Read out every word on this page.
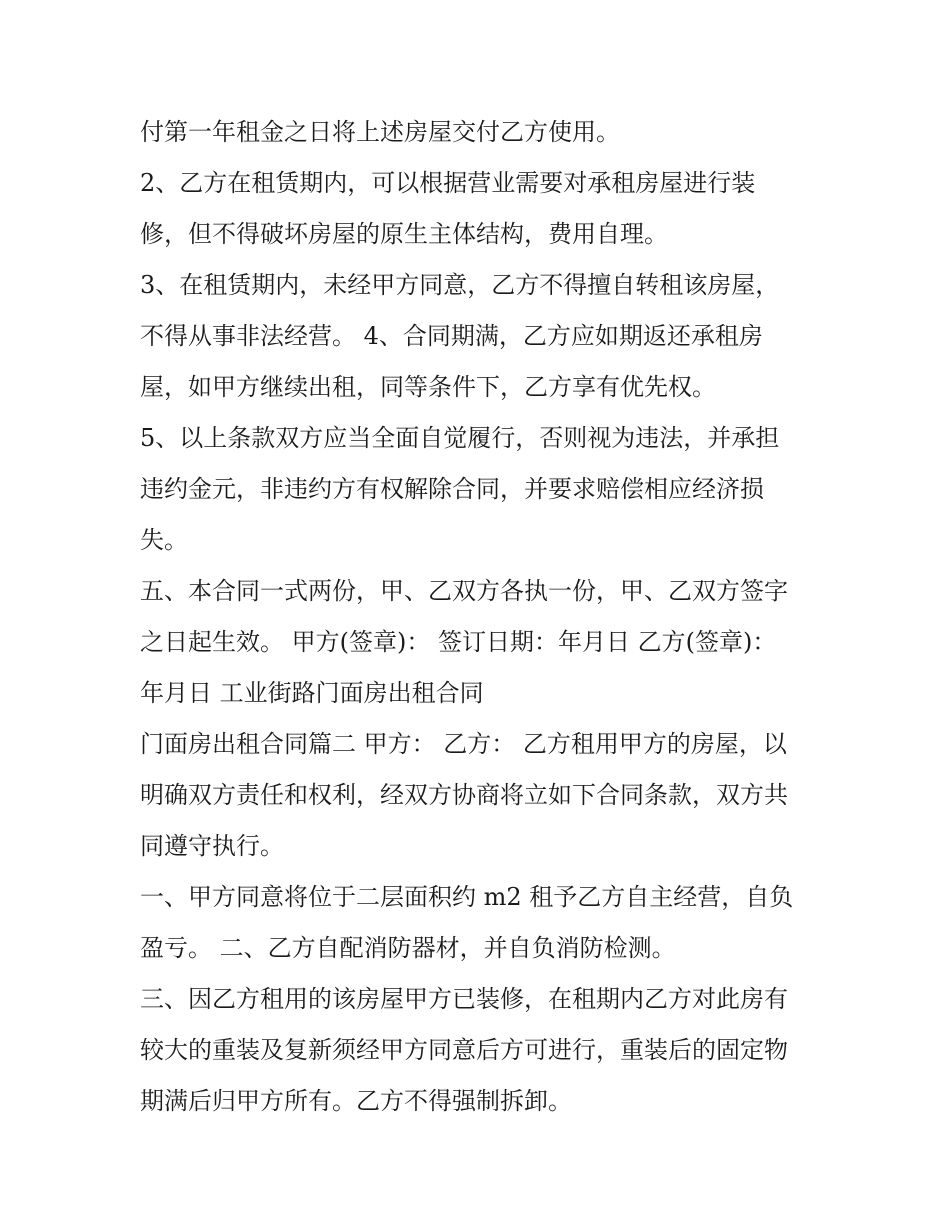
付第一年租金之日将上述房屋交付乙方使用。
2、乙方在租赁期内，可以根据营业需要对承租房屋进行装
修，但不得破坏房屋的原生主体结构，费用自理。
3、在租赁期内，未经甲方同意，乙方不得擅自转租该房屋，
不得从事非法经营。 4、合同期满，乙方应如期返还承租房
屋，如甲方继续出租，同等条件下，乙方享有优先权。
5、以上条款双方应当全面自觉履行，否则视为违法，并承担
违约金元，非违约方有权解除合同，并要求赔偿相应经济损
失。
五、本合同一式两份，甲、乙双方各执一份，甲、乙双方签字
之日起生效。 甲方(签章)： 签订日期：年月日 乙方(签章)：
年月日 工业街路门面房出租合同
门面房出租合同篇二 甲方： 乙方： 乙方租用甲方的房屋，以
明确双方责任和权利，经双方协商将立如下合同条款，双方共
同遵守执行。
一、甲方同意将位于二层面积约 m2 租予乙方自主经营，自负
盈亏。 二、乙方自配消防器材，并自负消防检测。
三、因乙方租用的该房屋甲方已装修，在租期内乙方对此房有
较大的重装及复新须经甲方同意后方可进行，重装后的固定物
期满后归甲方所有。乙方不得强制拆卸。
